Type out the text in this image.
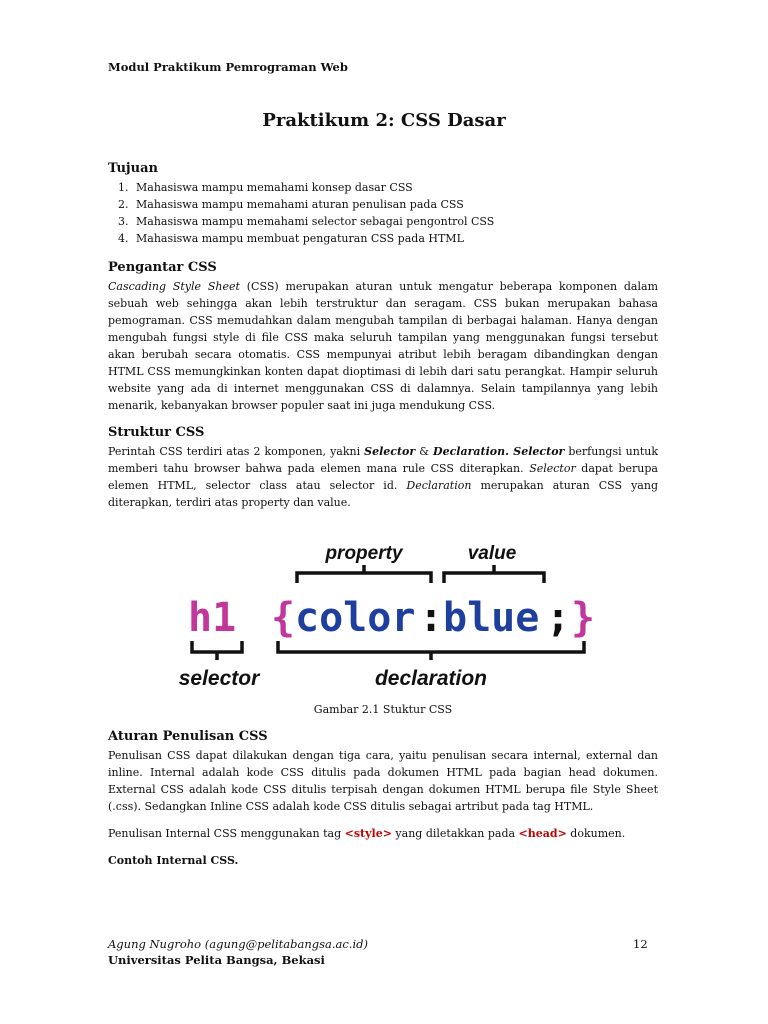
Modul Praktikum Pemrograman Web
Praktikum 2: CSS Dasar
Tujuan
1. Mahasiswa mampu memahami konsep dasar CSS
2. Mahasiswa mampu memahami aturan penulisan pada CSS
3. Mahasiswa mampu memahami selector sebagai pengontrol CSS
4. Mahasiswa mampu membuat pengaturan CSS pada HTML
Pengantar CSS

Cascading Style Sheet (CSS) merupakan aturan untuk mengatur beberapa komponen dalam sebuah web sehingga akan lebih terstruktur dan seragam. CSS bukan merupakan bahasa pemograman. CSS memudahkan dalam mengubah tampilan di berbagai halaman. Hanya dengan mengubah fungsi style di file CSS maka seluruh tampilan yang menggunakan fungsi tersebut akan berubah secara otomatis. CSS mempunyai atribut lebih beragam dibandingkan dengan HTML CSS memungkinkan konten dapat dioptimasi di lebih dari satu perangkat. Hampir seluruh website yang ada di internet menggunakan CSS di dalamnya. Selain tampilannya yang lebih menarik, kebanyakan browser populer saat ini juga mendukung CSS.

Struktur CSS

Perintah CSS terdiri atas 2 komponen, yakni Selector & Declaration. Selector berfungsi untuk memberi tahu browser bahwa pada elemen mana rule CSS diterapkan. Selector dapat berupa elemen HTML, selector class atau selector id. Declaration merupakan aturan CSS yang diterapkan, terdiri atas property dan value.

property	value
h1 { color : blue ; }
selector	declaration
Gambar 2.1 Stuktur CSS
Aturan Penulisan CSS

Penulisan CSS dapat dilakukan dengan tiga cara, yaitu penulisan secara internal, external dan inline. Internal adalah kode CSS ditulis pada dokumen HTML pada bagian head dokumen. External CSS adalah kode CSS ditulis terpisah dengan dokumen HTML berupa file Style Sheet (.css). Sedangkan Inline CSS adalah kode CSS ditulis sebagai artribut pada tag HTML.

Penulisan Internal CSS menggunakan tag <style> yang diletakkan pada <head> dokumen.

Contoh Internal CSS.

Agung Nugroho (agung@pelitabangsa.ac.id)	12
Universitas Pelita Bangsa, Bekasi
